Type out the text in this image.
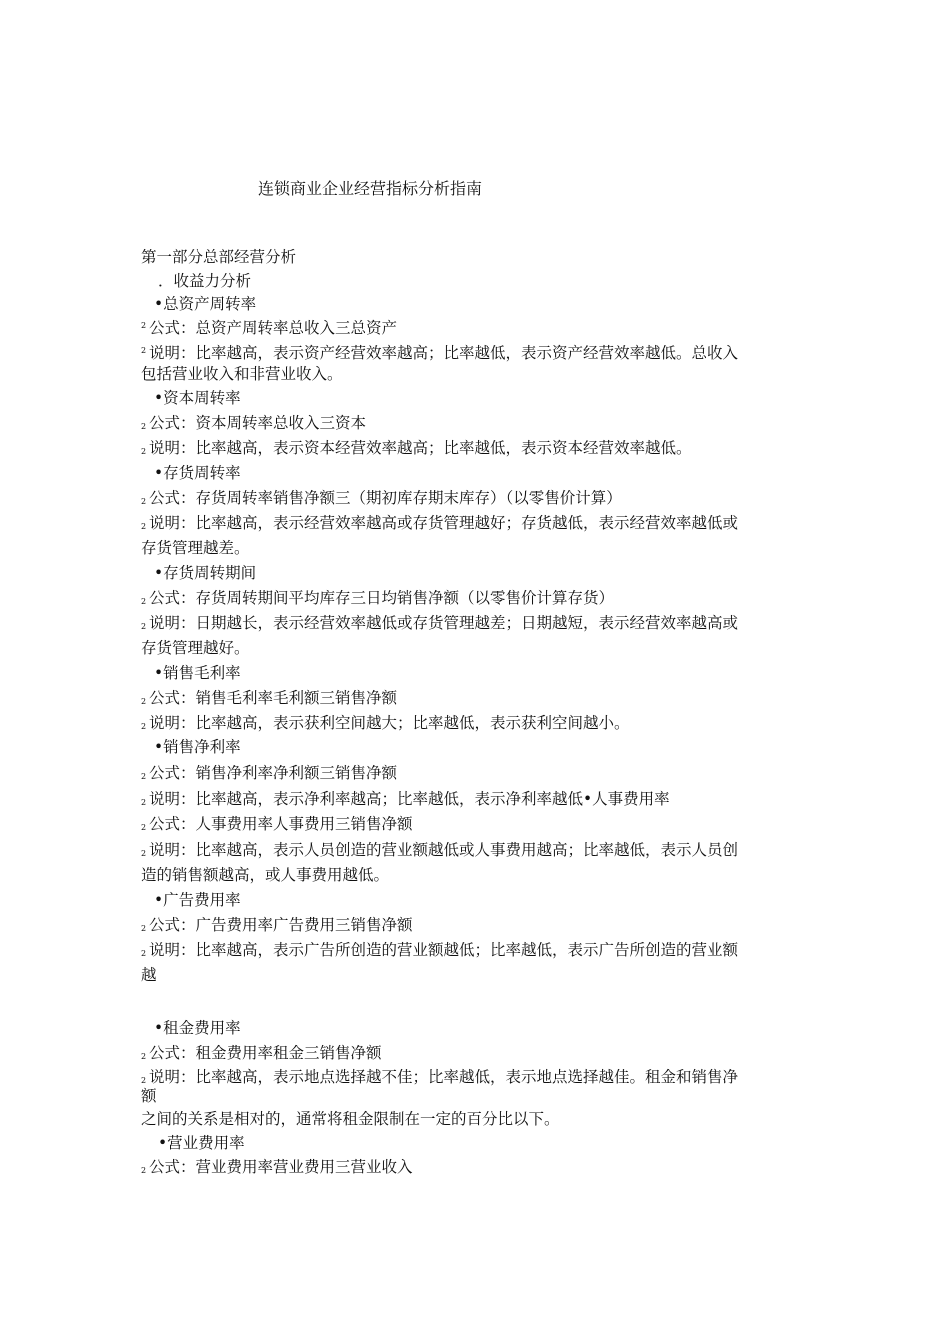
连锁商业企业经营指标分析指南
第一部分总部经营分析
．收益力分析
•总资产周转率
2 公式：总资产周转率总收入三总资产
2 说明：比率越高，表示资产经营效率越高；比率越低，表示资产经营效率越低。总收入
包括营业收入和非营业收入。
•资本周转率
2 公式：资本周转率总收入三资本
2 说明：比率越高，表示资本经营效率越高；比率越低，表示资本经营效率越低。
•存货周转率
2 公式：存货周转率销售净额三（期初库存期末库存）（以零售价计算）
2 说明：比率越高，表示经营效率越高或存货管理越好；存货越低，表示经营效率越低或
存货管理越差。
•存货周转期间
2 公式：存货周转期间平均库存三日均销售净额（以零售价计算存货）
2 说明：日期越长，表示经营效率越低或存货管理越差；日期越短，表示经营效率越高或
存货管理越好。
•销售毛利率
2 公式：销售毛利率毛利额三销售净额
2 说明：比率越高，表示获利空间越大；比率越低，表示获利空间越小。
•销售净利率
2 公式：销售净利率净利额三销售净额
2 说明：比率越高，表示净利率越高；比率越低，表示净利率越低•人事费用率
2 公式：人事费用率人事费用三销售净额
2 说明：比率越高，表示人员创造的营业额越低或人事费用越高；比率越低，表示人员创
造的销售额越高，或人事费用越低。
•广告费用率
2 公式：广告费用率广告费用三销售净额
2 说明：比率越高，表示广告所创造的营业额越低；比率越低，表示广告所创造的营业额
越
•租金费用率
2 公式：租金费用率租金三销售净额
2 说明：比率越高，表示地点选择越不佳；比率越低，表示地点选择越佳。租金和销售净
额
之间的关系是相对的，通常将租金限制在一定的百分比以下。
•营业费用率
2 公式：营业费用率营业费用三营业收入
